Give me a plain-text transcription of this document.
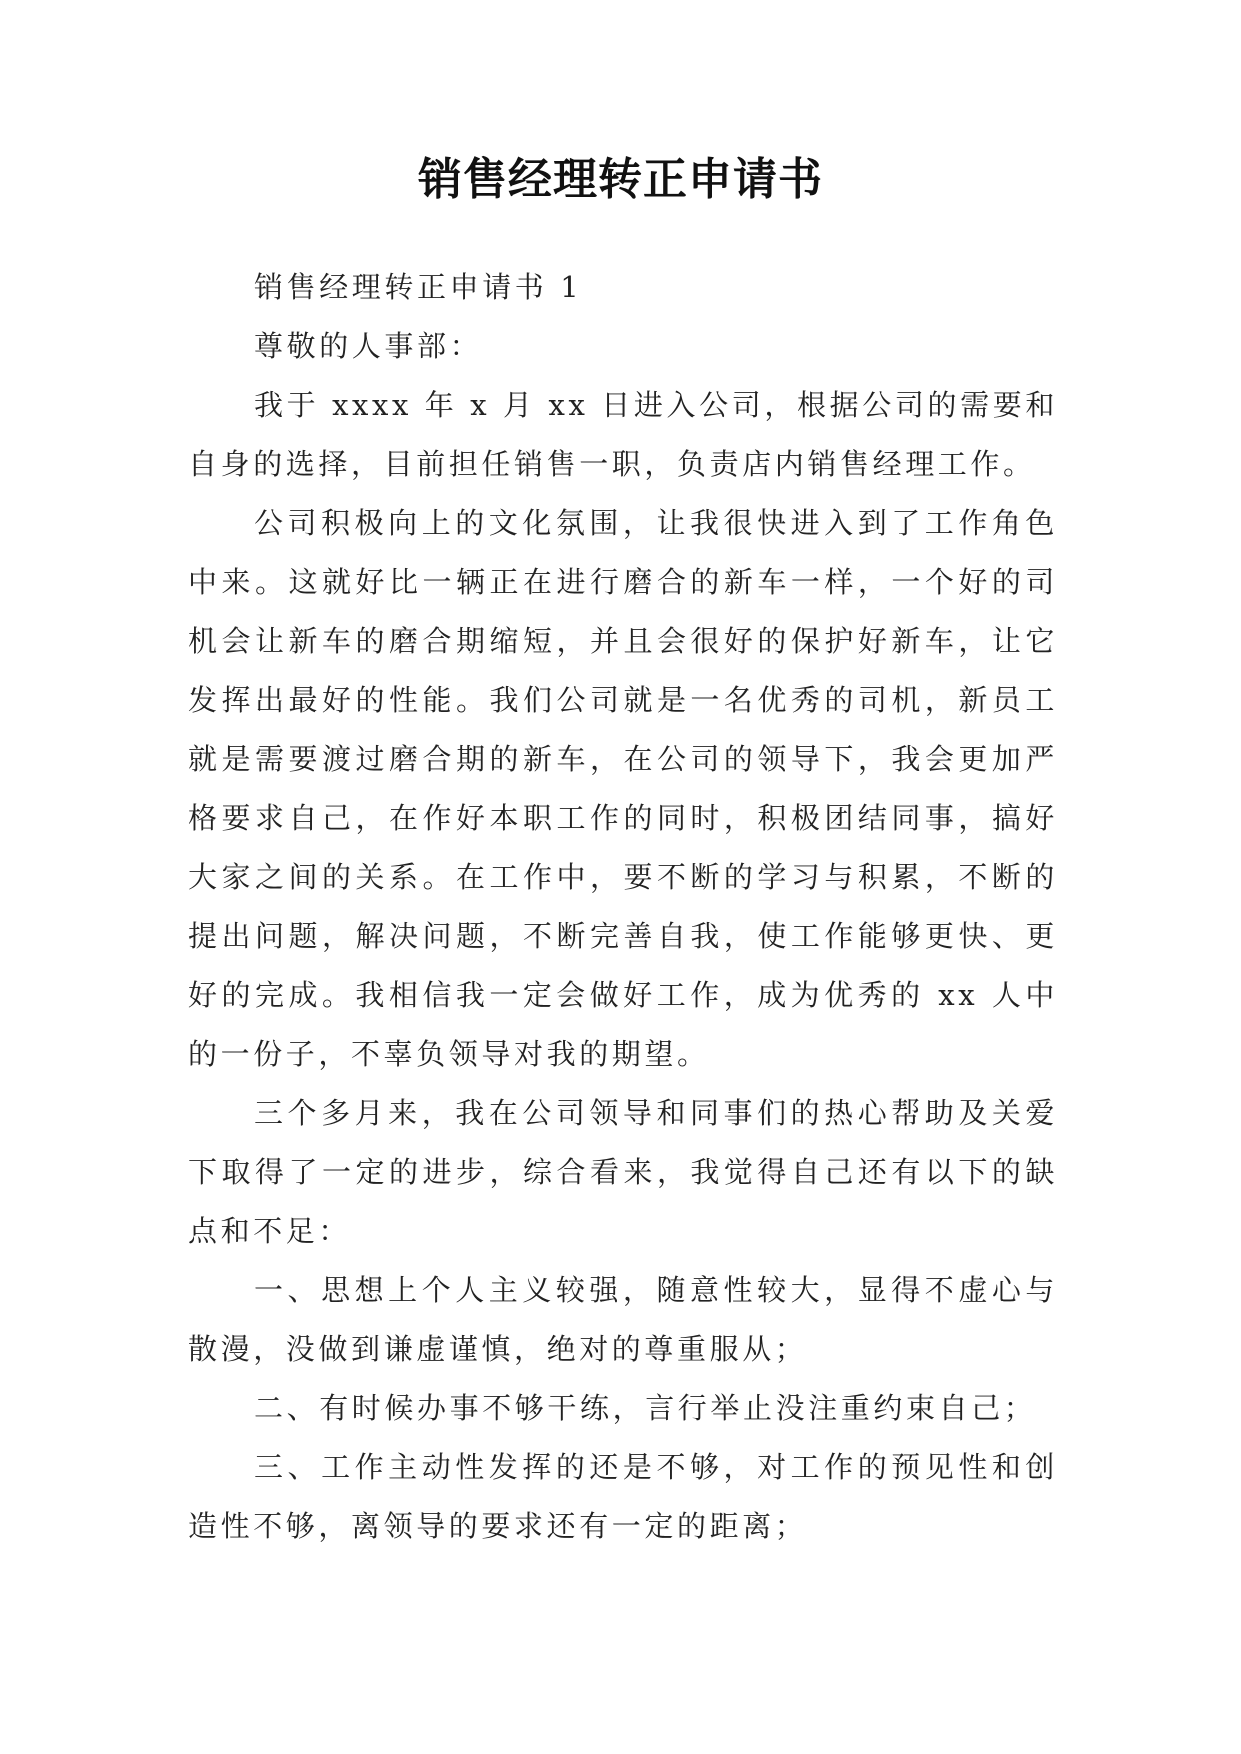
销售经理转正申请书

销售经理转正申请书 1

尊敬的人事部：

我于 xxxx 年 x 月 xx 日进入公司，根据公司的需要和自身的选择，目前担任销售一职，负责店内销售经理工作。

公司积极向上的文化氛围，让我很快进入到了工作角色中来。这就好比一辆正在进行磨合的新车一样，一个好的司机会让新车的磨合期缩短，并且会很好的保护好新车，让它发挥出最好的性能。我们公司就是一名优秀的司机，新员工就是需要渡过磨合期的新车，在公司的领导下，我会更加严格要求自己，在作好本职工作的同时，积极团结同事，搞好大家之间的关系。在工作中，要不断的学习与积累，不断的提出问题，解决问题，不断完善自我，使工作能够更快、更好的完成。我相信我一定会做好工作，成为优秀的 xx 人中的一份子，不辜负领导对我的期望。

三个多月来，我在公司领导和同事们的热心帮助及关爱下取得了一定的进步，综合看来，我觉得自己还有以下的缺点和不足：

一、思想上个人主义较强，随意性较大，显得不虚心与散漫，没做到谦虚谨慎，绝对的尊重服从；

二、有时候办事不够干练，言行举止没注重约束自己；

三、工作主动性发挥的还是不够，对工作的预见性和创造性不够，离领导的要求还有一定的距离；
